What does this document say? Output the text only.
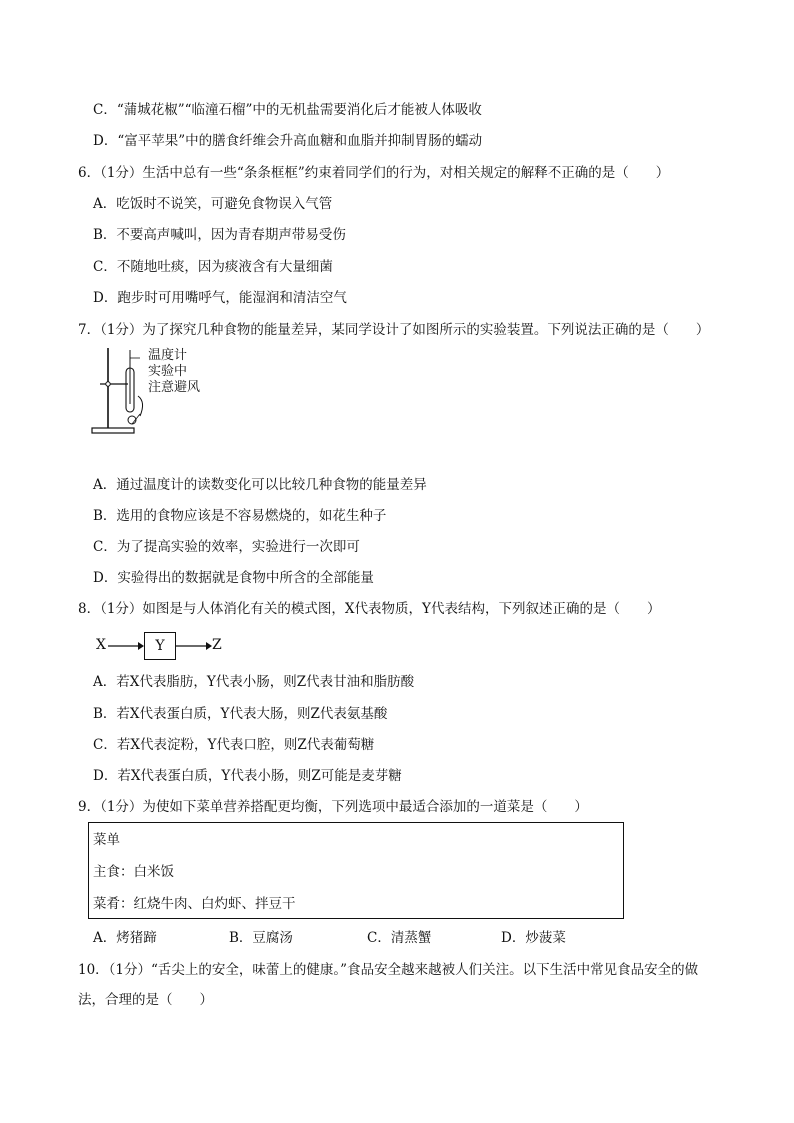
C．“蒲城花椒”“临潼石榴”中的无机盐需要消化后才能被人体吸收
D．“富平苹果”中的膳食纤维会升高血糖和血脂并抑制胃肠的蠕动
6．（1分）生活中总有一些“条条框框”约束着同学们的行为，对相关规定的解释不正确的是（　　）
A．吃饭时不说笑，可避免食物误入气管
B．不要高声喊叫，因为青春期声带易受伤
C．不随地吐痰，因为痰液含有大量细菌
D．跑步时可用嘴呼气，能湿润和清洁空气
7．（1分）为了探究几种食物的能量差异，某同学设计了如图所示的实验装置。下列说法正确的是（　　）
温度计
实验中
注意避风
A．通过温度计的读数变化可以比较几种食物的能量差异
B．选用的食物应该是不容易燃烧的，如花生种子
C．为了提高实验的效率，实验进行一次即可
D．实验得出的数据就是食物中所含的全部能量
8．（1分）如图是与人体消化有关的模式图，X代表物质，Y代表结构，下列叙述正确的是（　　）
X	Y	Z
A．若X代表脂肪，Y代表小肠，则Z代表甘油和脂肪酸
B．若X代表蛋白质，Y代表大肠，则Z代表氨基酸
C．若X代表淀粉，Y代表口腔，则Z代表葡萄糖
D．若X代表蛋白质，Y代表小肠，则Z可能是麦芽糖
9．（1分）为使如下菜单营养搭配更均衡，下列选项中最适合添加的一道菜是（　　）
菜单
主食：白米饭
菜肴：红烧牛肉、白灼虾、拌豆干
A．烤猪蹄	B．豆腐汤	C．清蒸蟹	D．炒菠菜
10．（1分）“舌尖上的安全，味蕾上的健康。”食品安全越来越被人们关注。以下生活中常见食品安全的做法，合理的是（　　）
